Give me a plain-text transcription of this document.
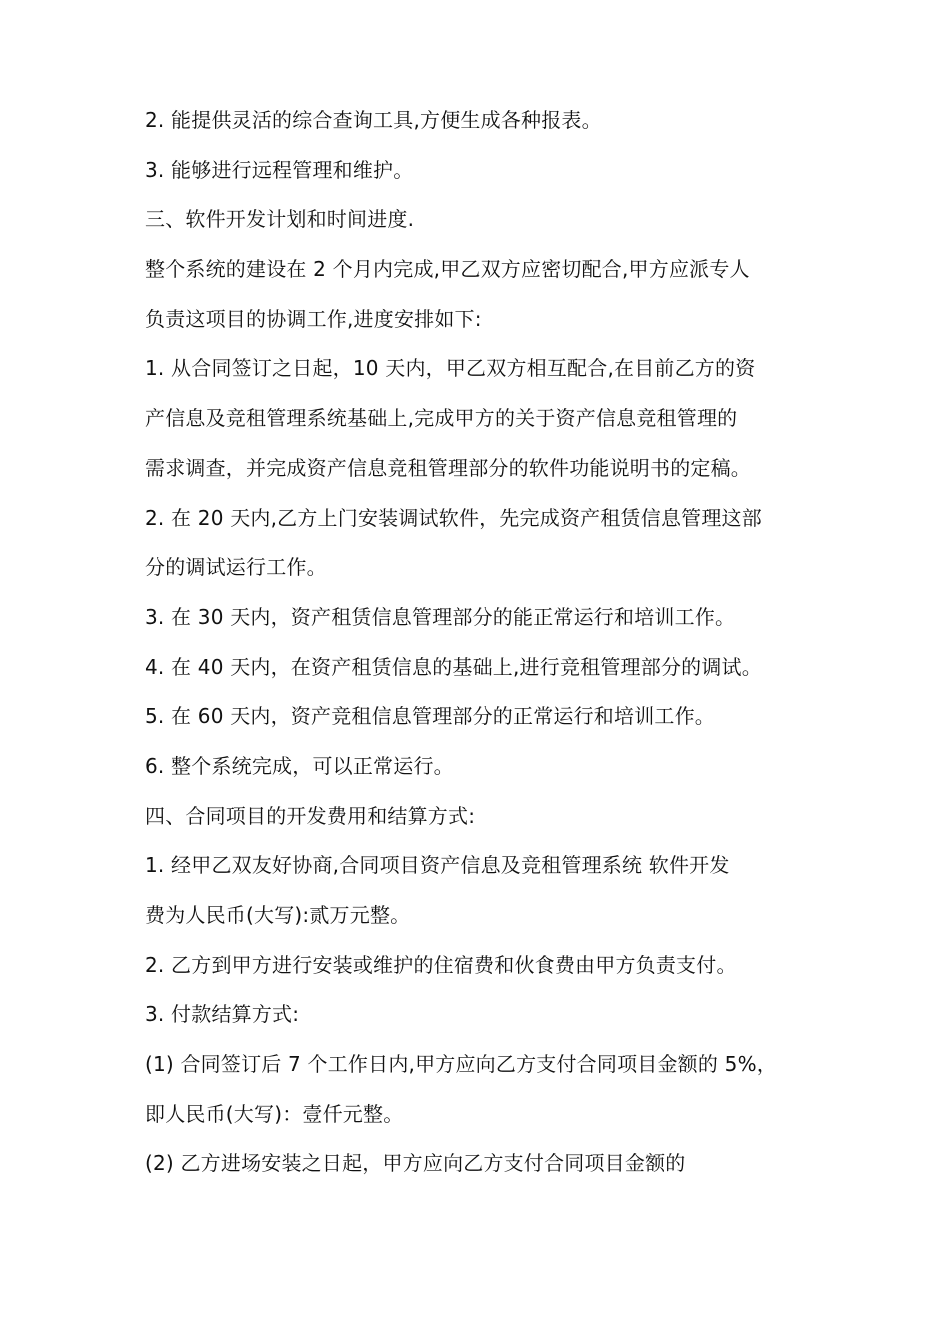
2. 能提供灵活的综合查询工具,方便生成各种报表。
3. 能够进行远程管理和维护。
三、软件开发计划和时间进度.
整个系统的建设在 2 个月内完成,甲乙双方应密切配合,甲方应派专人
负责这项目的协调工作,进度安排如下:
1. 从合同签订之日起，10 天内，甲乙双方相互配合,在目前乙方的资
产信息及竞租管理系统基础上,完成甲方的关于资产信息竞租管理的
需求调查，并完成资产信息竞租管理部分的软件功能说明书的定稿。
2. 在 20 天内,乙方上门安装调试软件，先完成资产租赁信息管理这部
分的调试运行工作。
3. 在 30 天内，资产租赁信息管理部分的能正常运行和培训工作。
4. 在 40 天内，在资产租赁信息的基础上,进行竞租管理部分的调试。
5. 在 60 天内，资产竞租信息管理部分的正常运行和培训工作。
6. 整个系统完成，可以正常运行。
四、合同项目的开发费用和结算方式:
1. 经甲乙双友好协商,合同项目资产信息及竞租管理系统 软件开发
费为人民币(大写):贰万元整。
2. 乙方到甲方进行安装或维护的住宿费和伙食费由甲方负责支付。
3. 付款结算方式:
(1) 合同签订后 7 个工作日内,甲方应向乙方支付合同项目金额的 5%，
即人民币(大写)：壹仟元整。
(2) 乙方进场安装之日起，甲方应向乙方支付合同项目金额的
